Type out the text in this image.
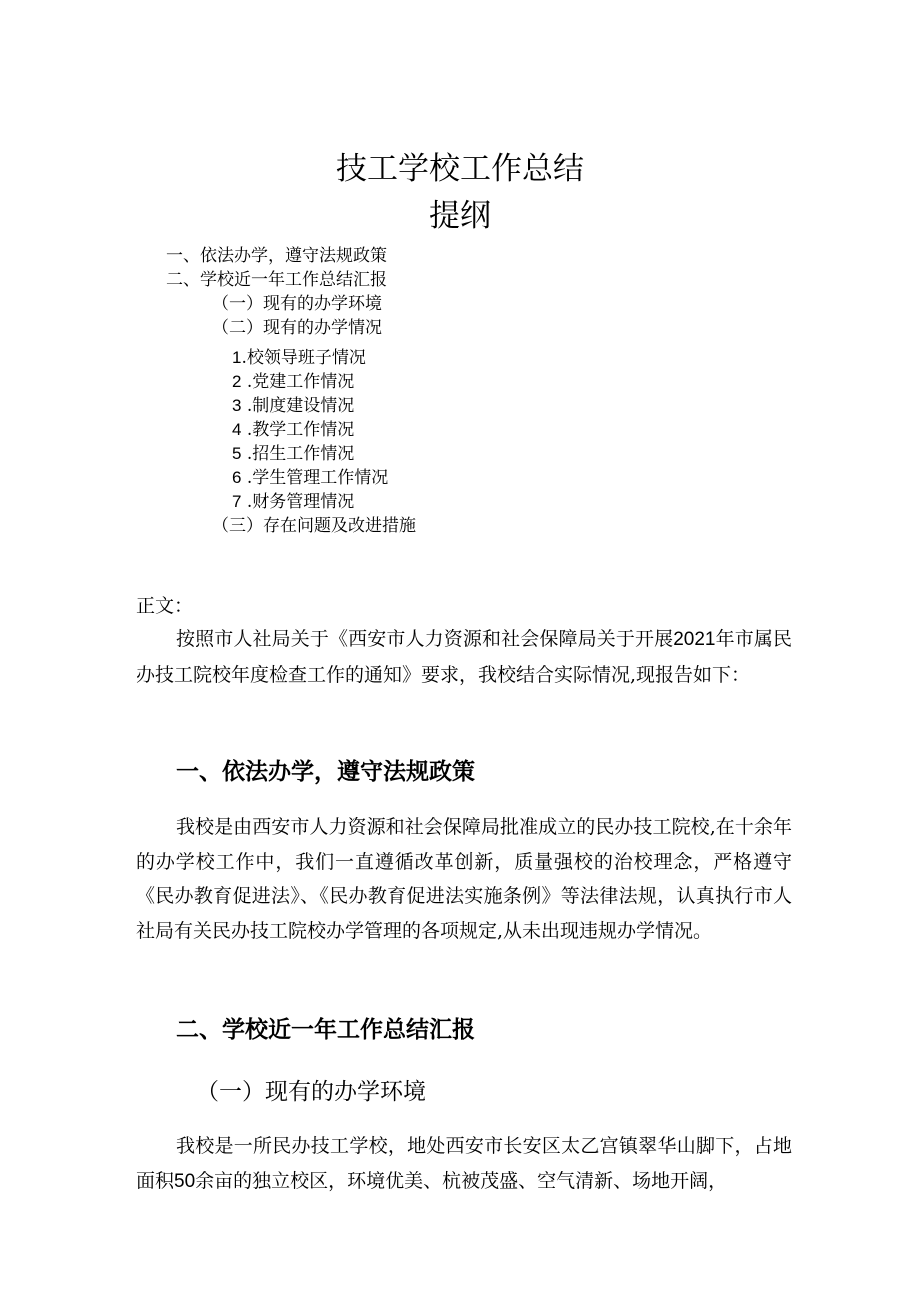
技工学校工作总结
提纲
一、依法办学，遵守法规政策
二、学校近一年工作总结汇报
（一）现有的办学环境
（二）现有的办学情况
1.校领导班子情况
2 .党建工作情况
3 .制度建设情况
4 .教学工作情况
5 .招生工作情况
6 .学生管理工作情况
7 .财务管理情况
（三）存在问题及改进措施
正文：

按照市人社局关于《西安市人力资源和社会保障局关于开展2021年市属民办技工院校年度检查工作的通知》要求，我校结合实际情况,现报告如下：

一、依法办学，遵守法规政策

我校是由西安市人力资源和社会保障局批准成立的民办技工院校,在十余年的办学校工作中，我们一直遵循改革创新，质量强校的治校理念，严格遵守《民办教育促进法》、《民办教育促进法实施条例》等法律法规，认真执行市人社局有关民办技工院校办学管理的各项规定,从未出现违规办学情况。

二、学校近一年工作总结汇报
（一）现有的办学环境

我校是一所民办技工学校，地处西安市长安区太乙宫镇翠华山脚下，占地面积50余亩的独立校区，环境优美、杭被茂盛、空气清新、场地开阔，
